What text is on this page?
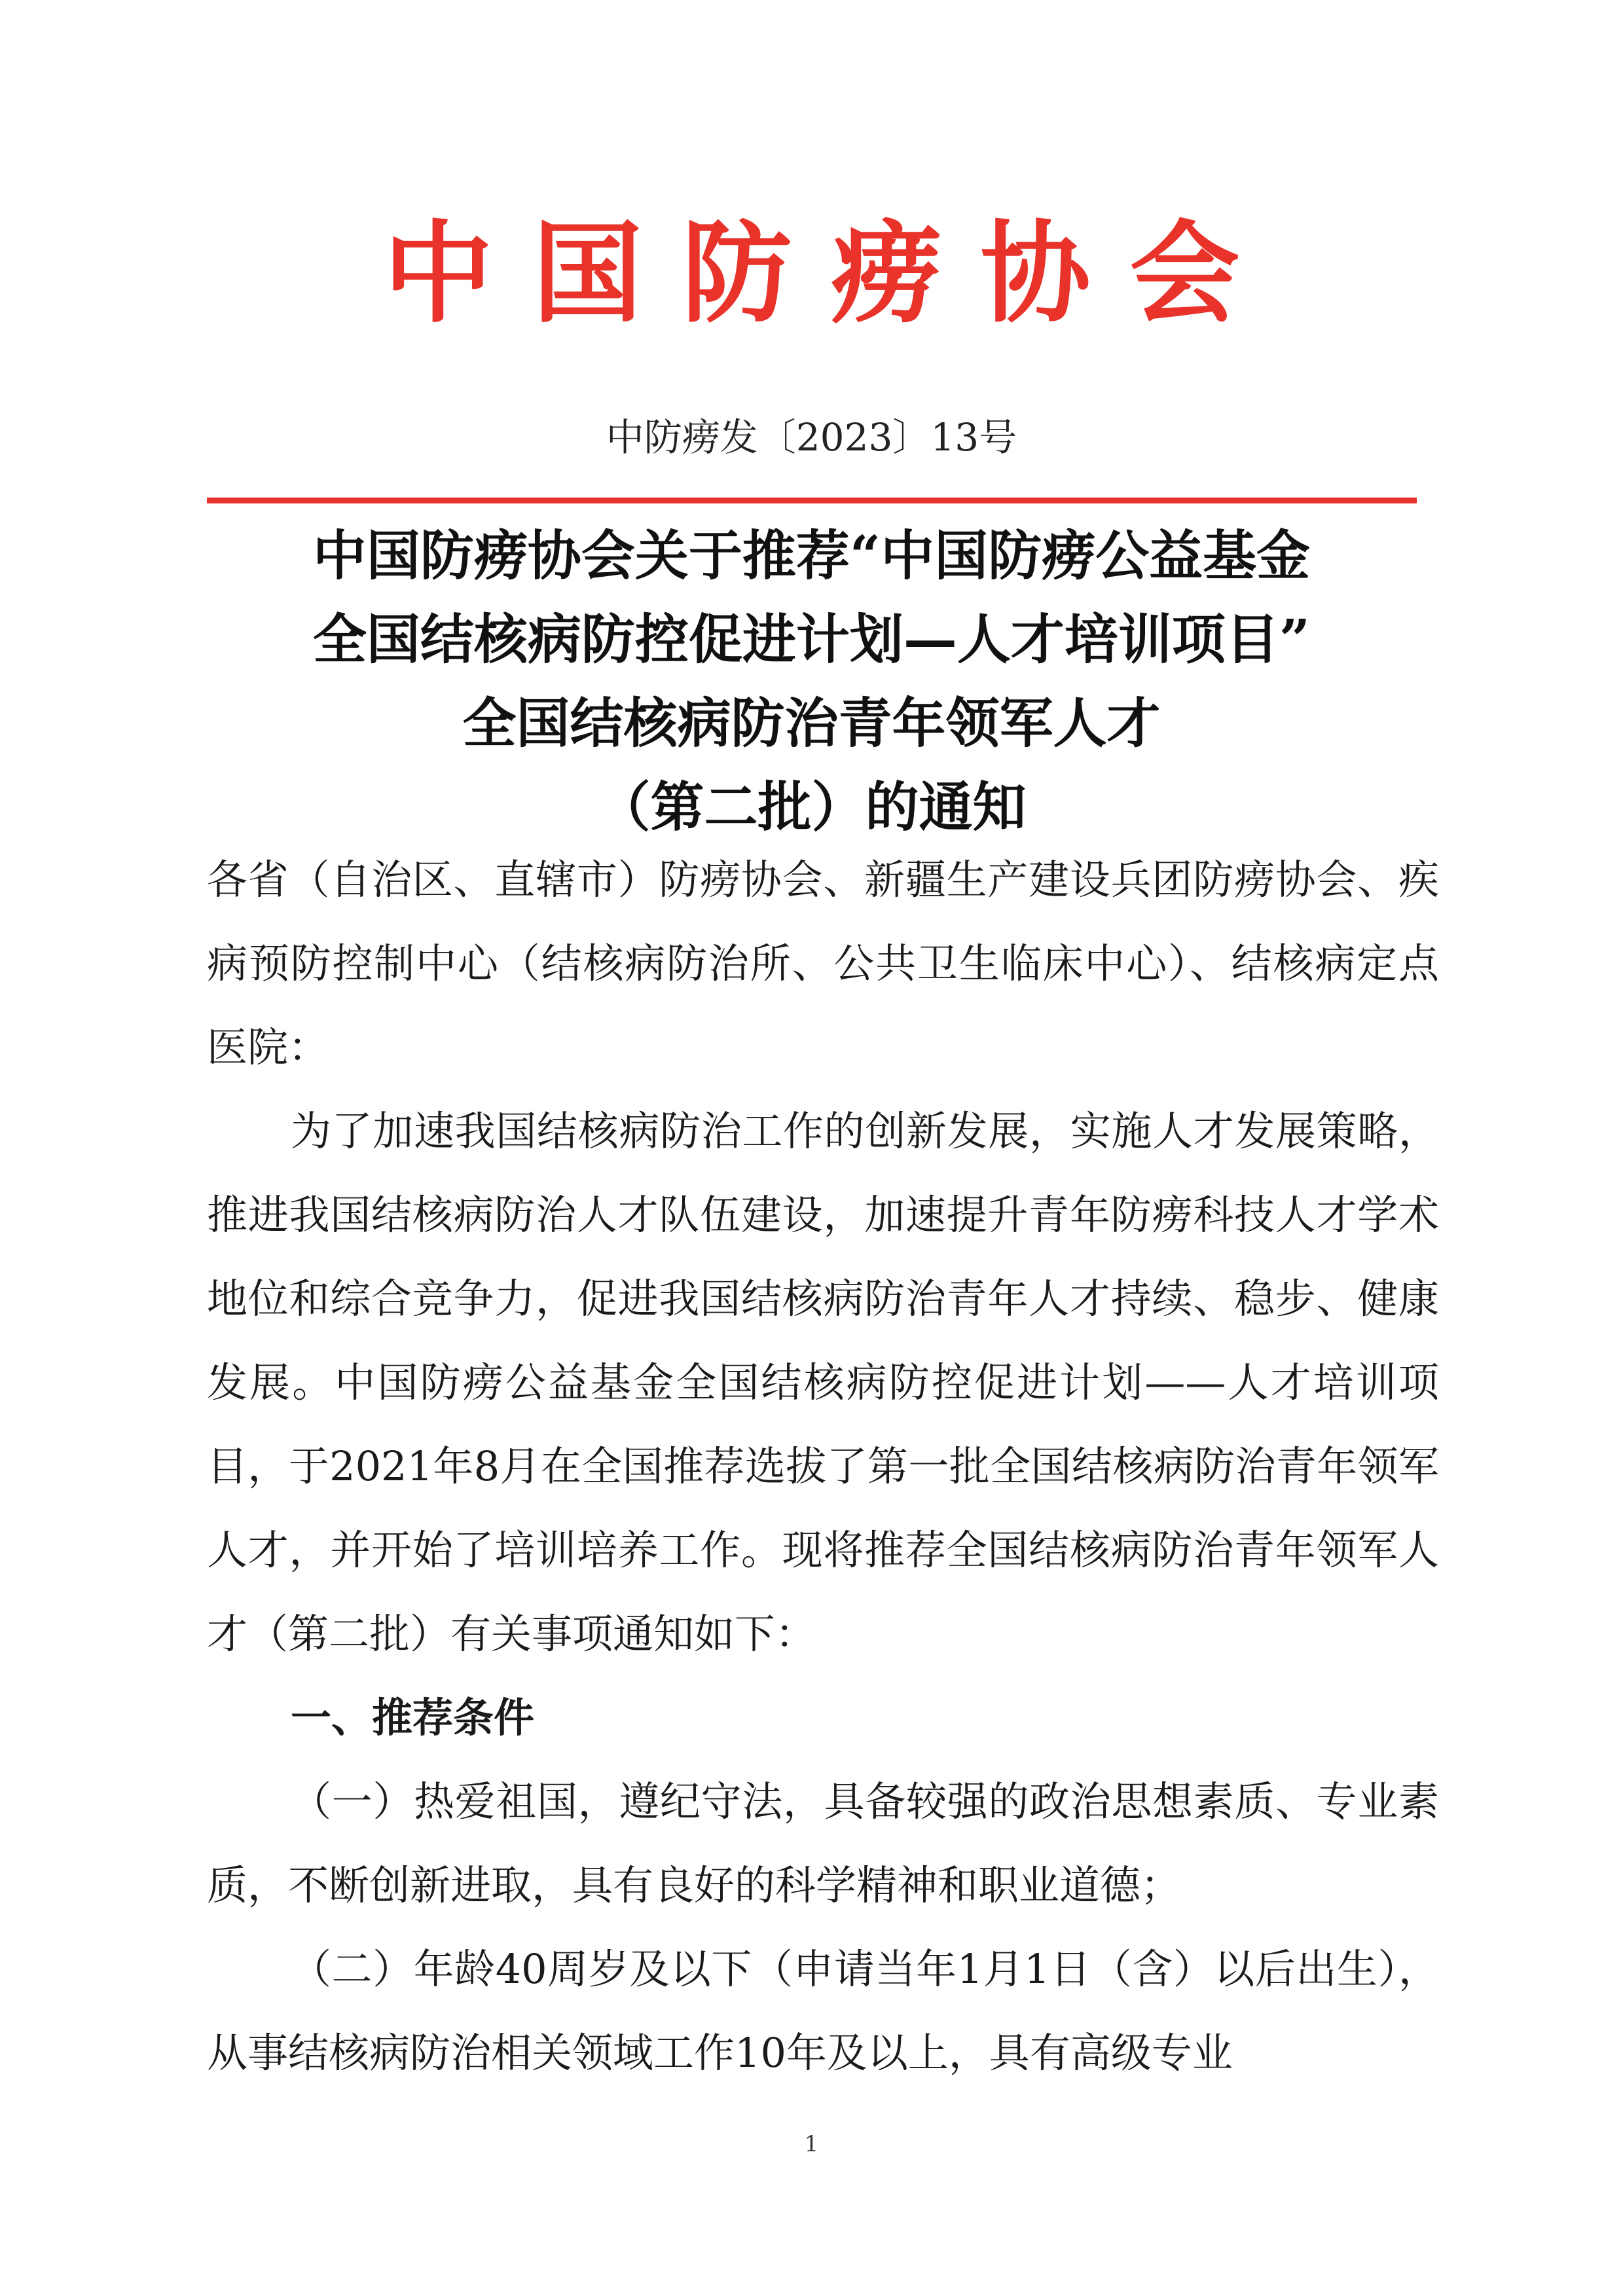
中国防痨协会
中防痨发〔2023〕13号
中国防痨协会关于推荐“中国防痨公益基金
全国结核病防控促进计划—人才培训项目”
全国结核病防治青年领军人才
（第二批）的通知

各省（自治区、直辖市）防痨协会、新疆生产建设兵团防痨协会、疾病预防控制中心（结核病防治所、公共卫生临床中心）、结核病定点医院：

为了加速我国结核病防治工作的创新发展，实施人才发展策略，推进我国结核病防治人才队伍建设，加速提升青年防痨科技人才学术地位和综合竞争力，促进我国结核病防治青年人才持续、稳步、健康发展。中国防痨公益基金全国结核病防控促进计划——人才培训项目，于2021年8月在全国推荐选拔了第一批全国结核病防治青年领军人才，并开始了培训培养工作。现将推荐全国结核病防治青年领军人才（第二批）有关事项通知如下：

一、推荐条件

（一）热爱祖国，遵纪守法，具备较强的政治思想素质、专业素质，不断创新进取，具有良好的科学精神和职业道德；

（二）年龄40周岁及以下（申请当年1月1日（含）以后出生），从事结核病防治相关领域工作10年及以上，具有高级专业

1
